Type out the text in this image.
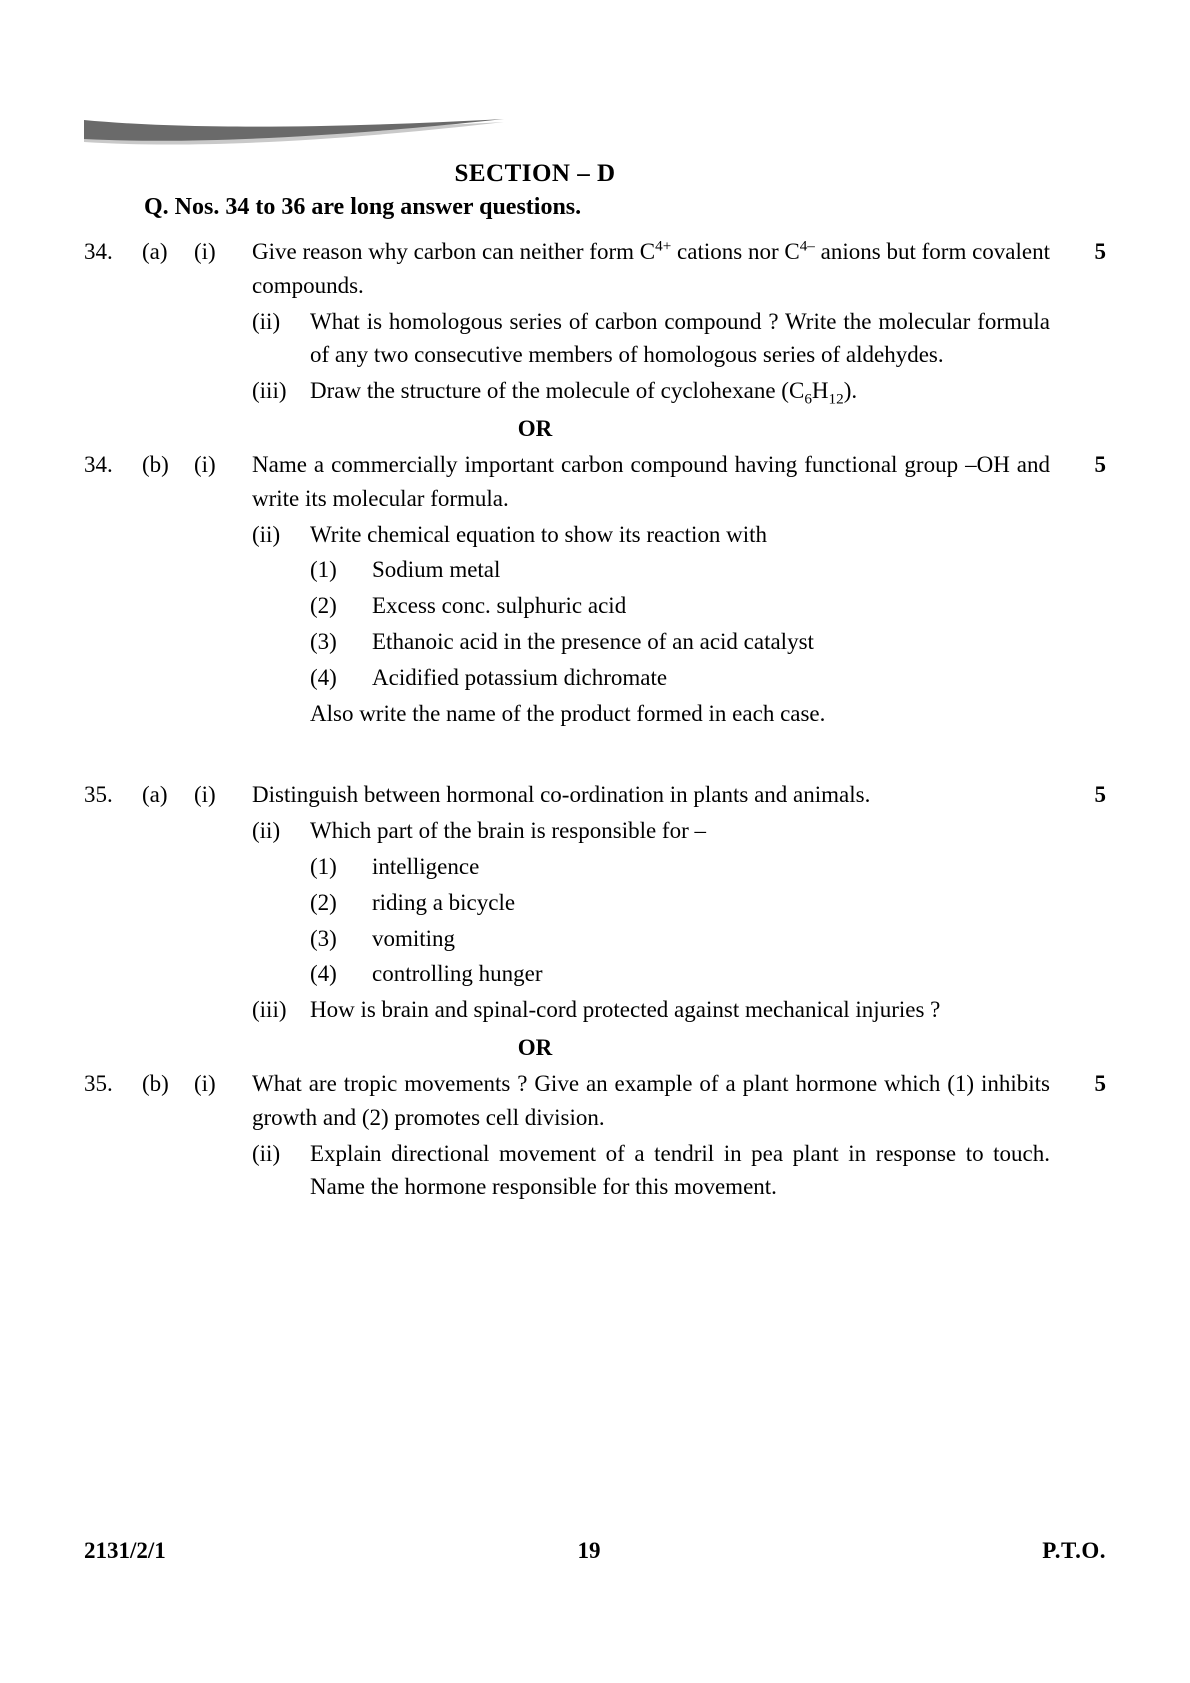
SECTION – D
Q. Nos. 34 to 36 are long answer questions.
34.	(a)	(i)	Give reason why carbon can neither form $C^{4+}$ cations nor $C^{4-}$ anions but form covalent compounds.
5
(ii)	What is homologous series of carbon compound ? Write the molecular formula of any two consecutive members of homologous series of aldehydes.
(iii)	Draw the structure of the molecule of cyclohexane $(C_6H_{12})$.
OR
34.	(b)	(i)	Name a commercially important carbon compound having functional group –OH and write its molecular formula.
5
(ii)	Write chemical equation to show its reaction with
(1)	Sodium metal
(2)	Excess conc. sulphuric acid
(3)	Ethanoic acid in the presence of an acid catalyst
(4)	Acidified potassium dichromate
Also write the name of the product formed in each case.
35.	(a)	(i)	Distinguish between hormonal co-ordination in plants and animals.	5
(ii)	Which part of the brain is responsible for –
(1)	intelligence
(2)	riding a bicycle
(3)	vomiting
(4)	controlling hunger
(iii)	How is brain and spinal-cord protected against mechanical injuries ?
OR
35.	(b)	(i)	What are tropic movements ? Give an example of a plant hormone which (1) inhibits growth and (2) promotes cell division.
5
(ii)	Explain directional movement of a tendril in pea plant in response to touch. Name the hormone responsible for this movement.
2131/2/1	19	P.T.O.
